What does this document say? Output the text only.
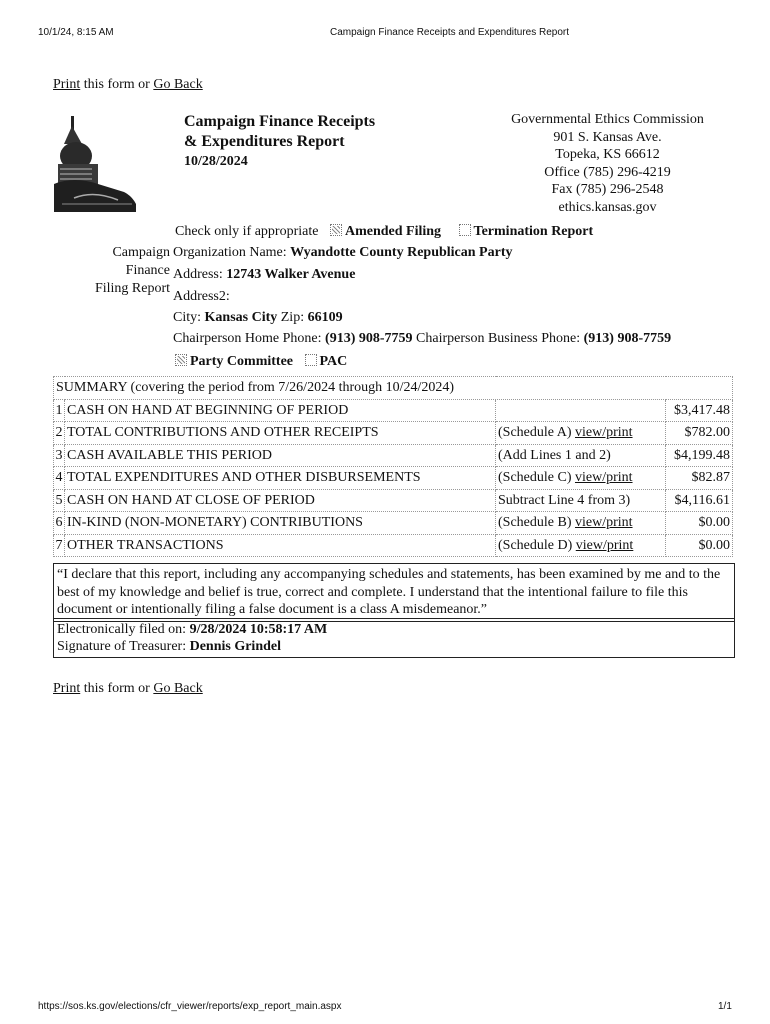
10/1/24, 8:15 AM	Campaign Finance Receipts and Expenditures Report
Print this form or Go Back
Campaign Finance Receipts
& Expenditures Report
10/28/2024
Governmental Ethics Commission
901 S. Kansas Ave.
Topeka, KS 66612
Office (785) 296-4219
Fax (785) 296-2548
ethics.kansas.gov
Check only if appropriate Amended Filing Termination Report
Campaign
Finance
Filing Report
Organization Name: Wyandotte County Republican Party
Address: 12743 Walker Avenue
Address2:
City: Kansas City Zip: 66109
Chairperson Home Phone: (913) 908-7759 Chairperson Business Phone: (913) 908-7759
Party Committee PAC
SUMMARY (covering the period from 7/26/2024 through 10/24/2024)			
1	CASH ON HAND AT BEGINNING OF PERIOD		$3,417.48
2	TOTAL CONTRIBUTIONS AND OTHER RECEIPTS	(Schedule A) view/print	$782.00
3	CASH AVAILABLE THIS PERIOD	(Add Lines 1 and 2)	$4,199.48
4	TOTAL EXPENDITURES AND OTHER DISBURSEMENTS	(Schedule C) view/print	$82.87
5	CASH ON HAND AT CLOSE OF PERIOD	Subtract Line 4 from 3)	$4,116.61
6	IN-KIND (NON-MONETARY) CONTRIBUTIONS	(Schedule B) view/print	$0.00
7	OTHER TRANSACTIONS	(Schedule D) view/print	$0.00
“I declare that this report, including any accompanying schedules and statements, has been examined by me and to the best of my knowledge and belief is true, correct and complete. I understand that the intentional failure to file this document or intentionally filing a false document is a class A misdemeanor.”
Electronically filed on: 9/28/2024 10:58:17 AM
Signature of Treasurer: Dennis Grindel
Print this form or Go Back
https://sos.ks.gov/elections/cfr_viewer/reports/exp_report_main.aspx	1/1
